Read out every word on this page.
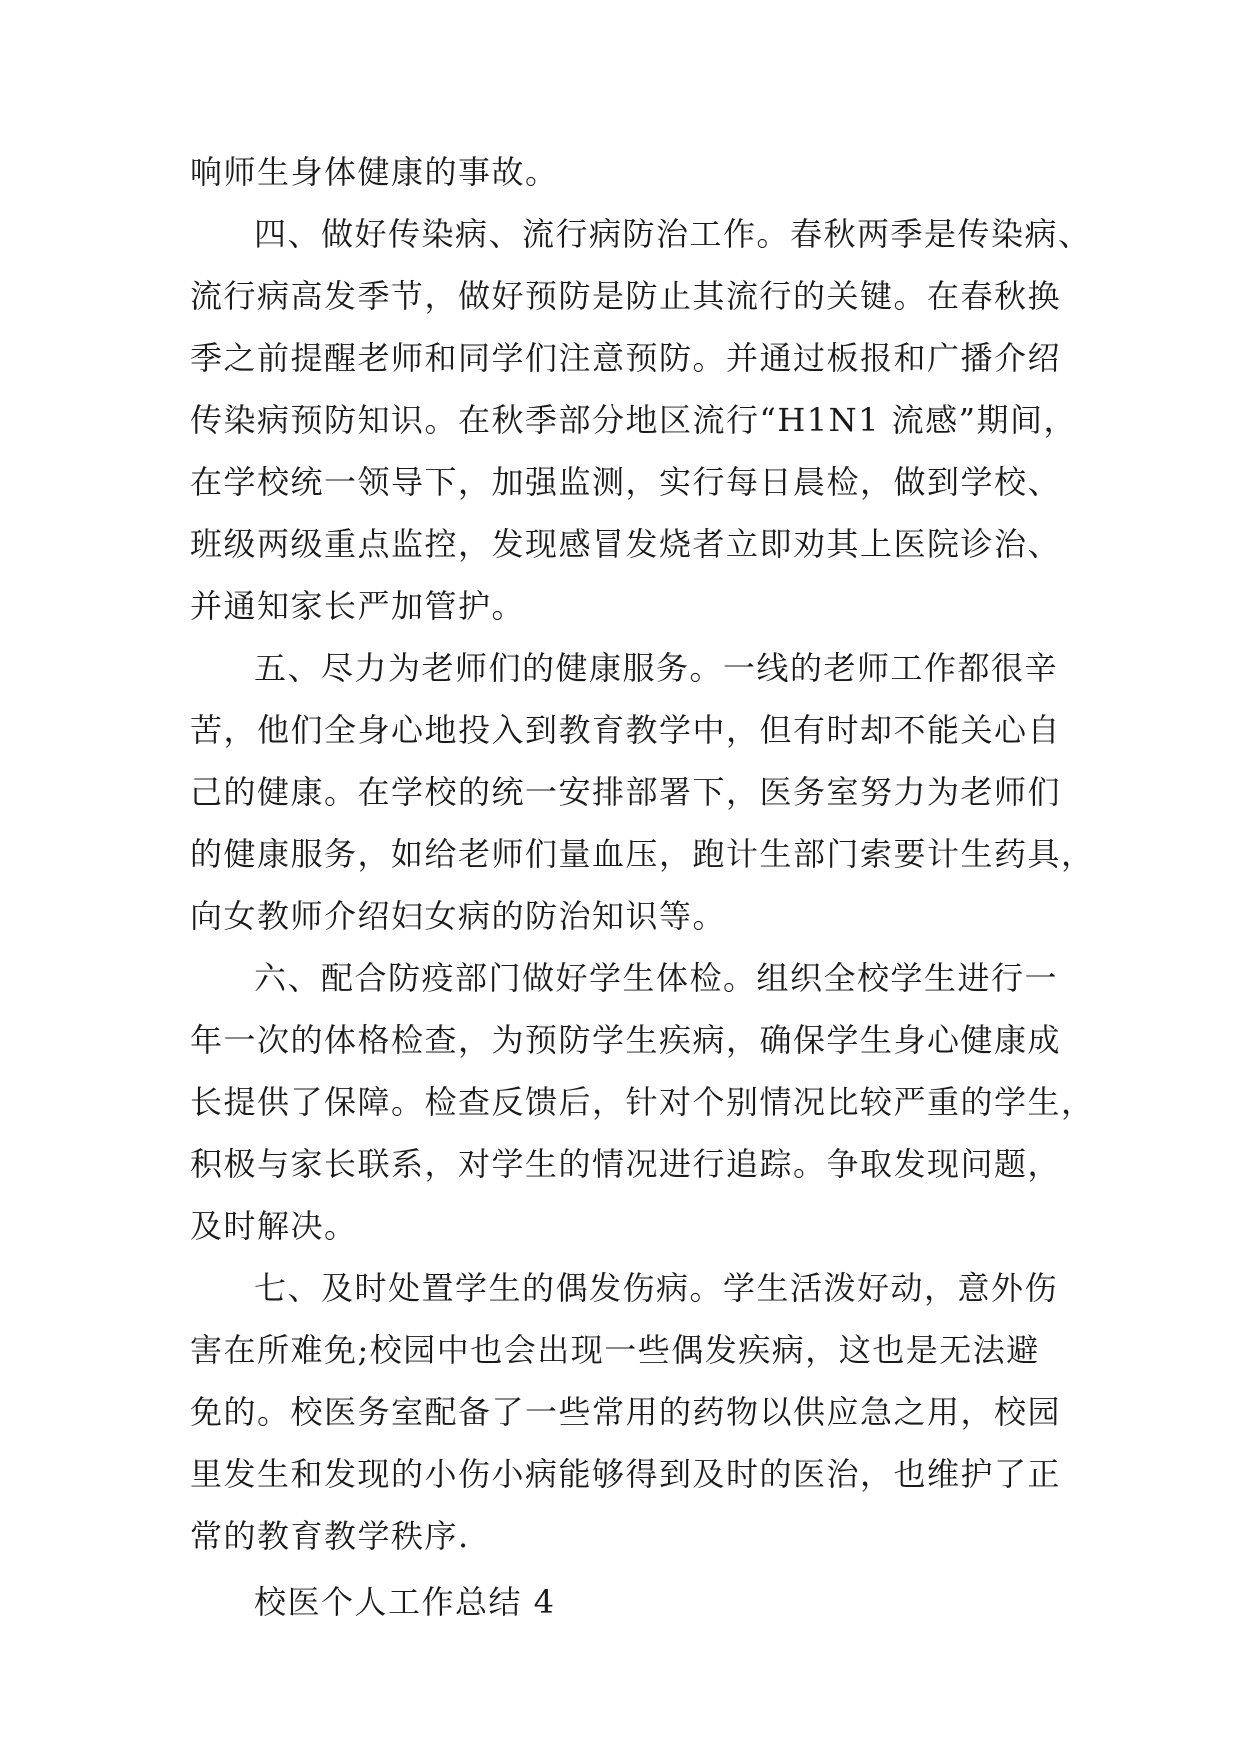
响师生身体健康的事故。
四、做好传染病、流行病防治工作。春秋两季是传染病、
流行病高发季节，做好预防是防止其流行的关键。在春秋换
季之前提醒老师和同学们注意预防。并通过板报和广播介绍
传染病预防知识。在秋季部分地区流行“H1N1 流感”期间，
在学校统一领导下，加强监测，实行每日晨检，做到学校、
班级两级重点监控，发现感冒发烧者立即劝其上医院诊治、
并通知家长严加管护。
五、尽力为老师们的健康服务。一线的老师工作都很辛
苦，他们全身心地投入到教育教学中，但有时却不能关心自
己的健康。在学校的统一安排部署下，医务室努力为老师们
的健康服务，如给老师们量血压，跑计生部门索要计生药具，
向女教师介绍妇女病的防治知识等。
六、配合防疫部门做好学生体检。组织全校学生进行一
年一次的体格检查，为预防学生疾病，确保学生身心健康成
长提供了保障。检查反馈后，针对个别情况比较严重的学生，
积极与家长联系，对学生的情况进行追踪。争取发现问题，
及时解决。
七、及时处置学生的偶发伤病。学生活泼好动，意外伤
害在所难免;校园中也会出现一些偶发疾病，这也是无法避
免的。校医务室配备了一些常用的药物以供应急之用，校园
里发生和发现的小伤小病能够得到及时的医治，也维护了正
常的教育教学秩序.
校医个人工作总结 4
